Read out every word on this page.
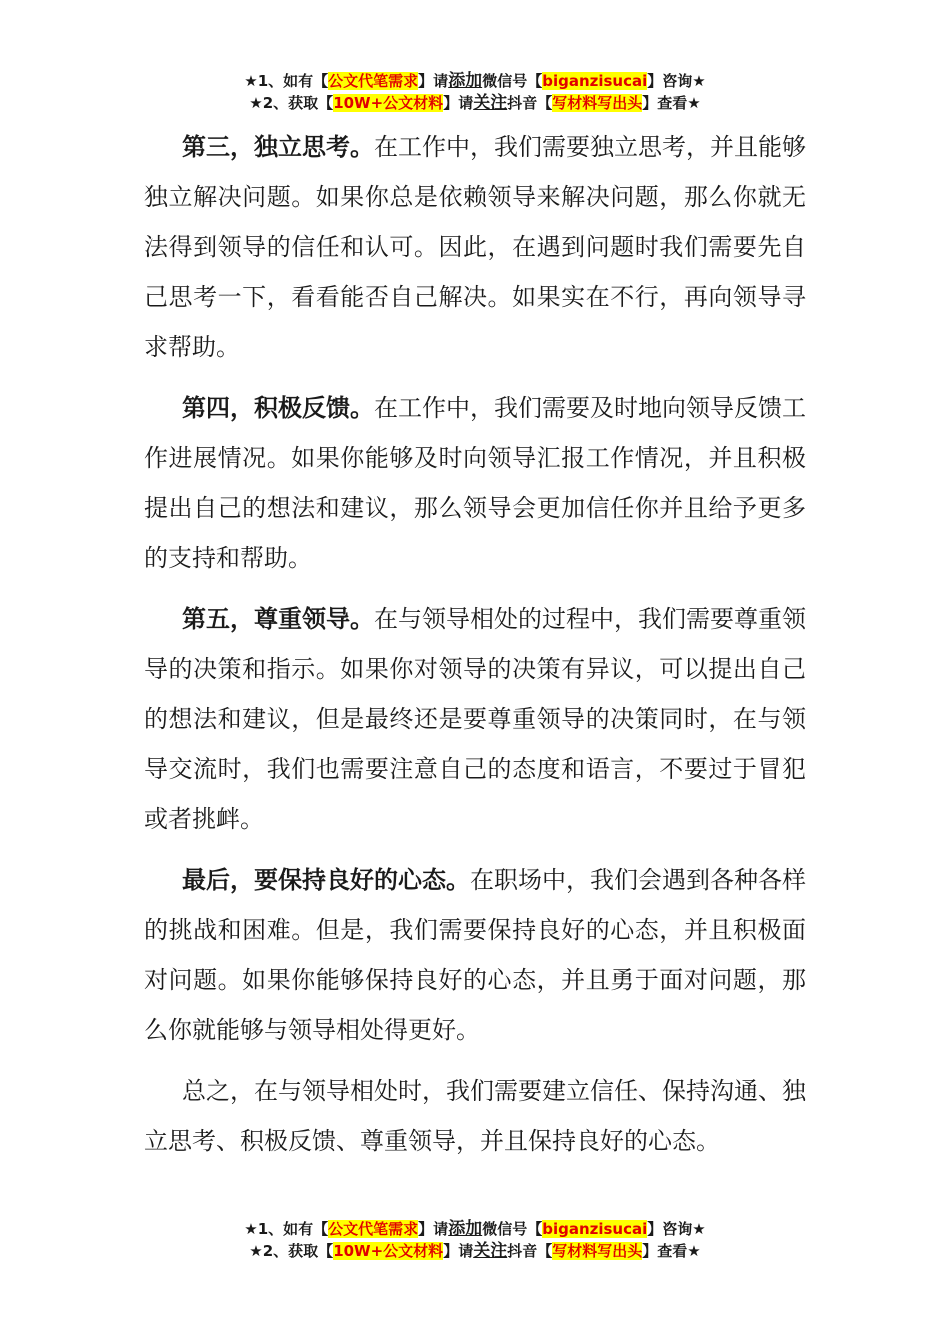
★1、如有【公文代笔需求】请添加微信号【biganzisucai】咨询★
★2、获取【10W+公文材料】请关注抖音【写材料写出头】查看★

第三，独立思考。在工作中，我们需要独立思考，并且能够独立解决问题。如果你总是依赖领导来解决问题，那么你就无法得到领导的信任和认可。因此，在遇到问题时我们需要先自己思考一下，看看能否自己解决。如果实在不行，再向领导寻求帮助。

第四，积极反馈。在工作中，我们需要及时地向领导反馈工作进展情况。如果你能够及时向领导汇报工作情况，并且积极提出自己的想法和建议，那么领导会更加信任你并且给予更多的支持和帮助。

第五，尊重领导。在与领导相处的过程中，我们需要尊重领导的决策和指示。如果你对领导的决策有异议，可以提出自己的想法和建议，但是最终还是要尊重领导的决策同时，在与领导交流时，我们也需要注意自己的态度和语言，不要过于冒犯或者挑衅。

最后，要保持良好的心态。在职场中，我们会遇到各种各样的挑战和困难。但是，我们需要保持良好的心态，并且积极面对问题。如果你能够保持良好的心态，并且勇于面对问题，那么你就能够与领导相处得更好。

总之，在与领导相处时，我们需要建立信任、保持沟通、独立思考、积极反馈、尊重领导，并且保持良好的心态。

★1、如有【公文代笔需求】请添加微信号【biganzisucai】咨询★
★2、获取【10W+公文材料】请关注抖音【写材料写出头】查看★
